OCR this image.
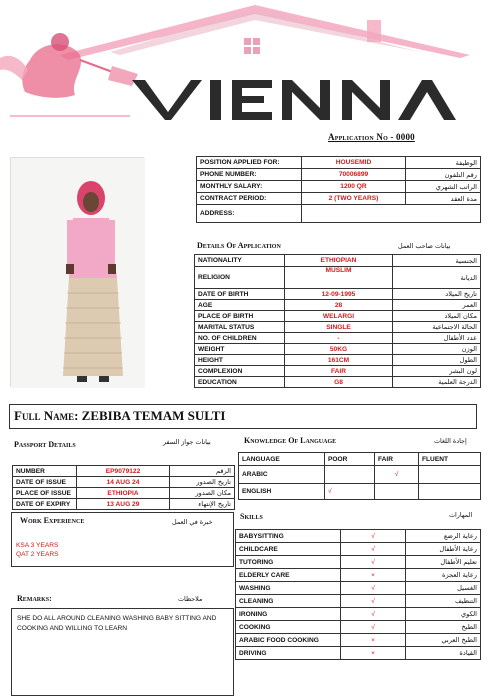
Application No - 0000
POSITION APPLIED FOR:	HOUSEMID	الوظيفة
PHONE NUMBER:	70006899	رقم التلفون
MONTHLY SALARY:	1200 QR	الراتب الشهري
CONTRACT PERIOD:	2 (TWO YEARS)	مدة العقد
ADDRESS:		
Details Of Application	بيانات صاحب العمل
NATIONALITY	ETHIOPIAN	الجنسية
RELIGION	MUSLIM	الديانة
DATE OF BIRTH	12-09-1995	تاريخ الميلاد
AGE	28	العمر
PLACE OF BIRTH	WELARGI	مكان الميلاد
MARITAL STATUS	SINGLE	الحالة الاجتماعية
NO. OF CHILDREN	-	عدد الأطفال
WEIGHT	50KG	الوزن
HEIGHT	161CM	الطول
COMPLEXION	FAIR	لون البشر
EDUCATION	G8	الدرجة العلمية
Full Name: ZEBIBA TEMAM SULTI
Passport Details	بيانات جواز السفر
NUMBER	EP9079122	الرقم
DATE OF ISSUE	14 AUG 24	تاريخ الصدور
PLACE OF ISSUE	ETHIOPIA	مكان الصدور
DATE OF EXPIRY	13 AUG 29	تاريخ الإنتهاء
Work Experience	خبرة في العمل
KSA 3 YEARS
QAT 2 YEARS
Remarks:	ملاحظات
SHE DO ALL AROUND CLEANING WASHING BABY SITTING AND COOKING AND WILLING TO LEARN
Knowledge Of Language	إجادة اللغات
LANGUAGE	POOR	FAIR	FLUENT
ARABIC		√	
ENGLISH	√		
Skills	المهارات
BABYSITTING	√	رعاية الرضع
CHILDCARE	√	رعاية الأطفال
TUTORING	√	تعليم الأطفال
ELDERLY CARE	×	رعاية العجزة
WASHING	√	الغسيل
CLEANING	√	التنظيف
IRONING	√	الكوي
COOKING	√	الطبخ
ARABIC FOOD COOKING	×	الطبخ العربي
DRIVING	×	القيادة
